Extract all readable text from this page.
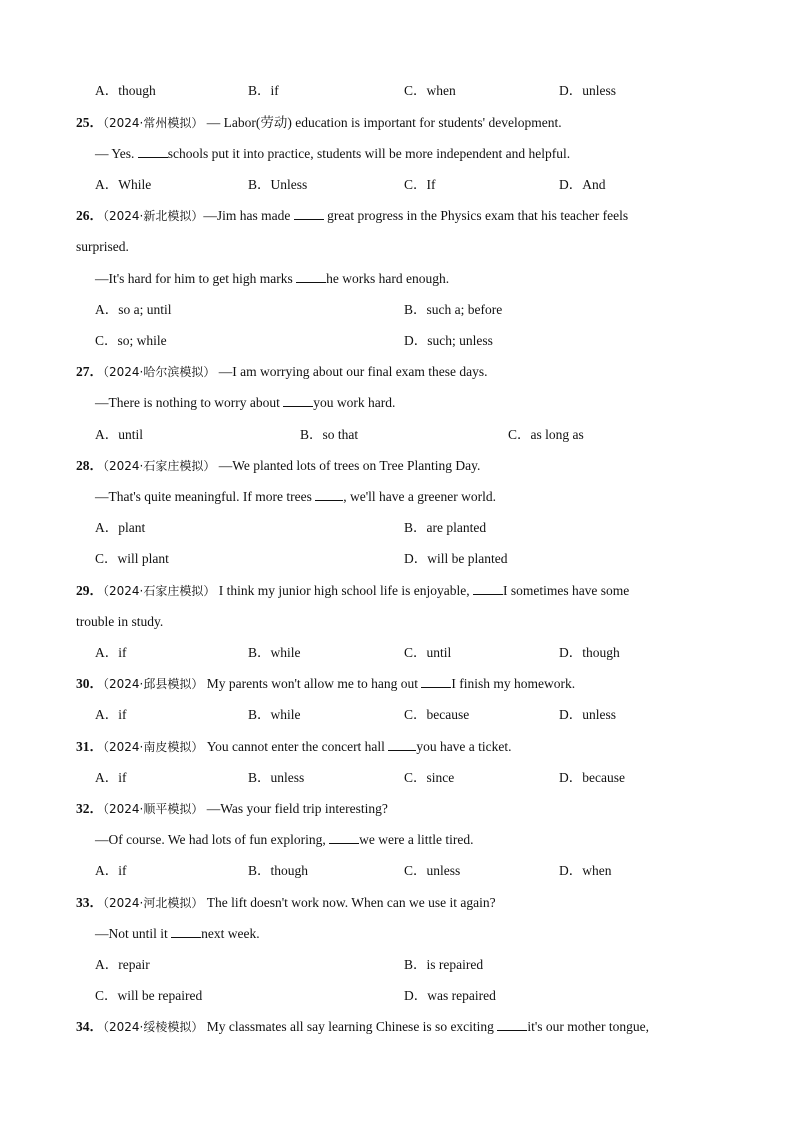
A．though	B．if	C．when	D．unless
25．（2024·常州模拟） — Labor(劳动) education is important for students' development.
— Yes. schools put it into practice, students will be more independent and helpful.
A．While	B．Unless	C．If	D．And
26．（2024·新北模拟）—Jim has made  great progress in the Physics exam that his teacher feels
surprised.
—It's hard for him to get high marks he works hard enough.
A．so a; until	B．such a; before
C．so; while	D．such; unless
27．（2024·哈尔滨模拟） —I am worrying about our final exam these days.
—There is nothing to worry about you work hard.
A．until	B．so that	C．as long as
28．（2024·石家庄模拟） —We planted lots of trees on Tree Planting Day.
—That's quite meaningful. If more trees , we'll have a greener world.
A．plant	B．are planted
C．will plant	D．will be planted
29．（2024·石家庄模拟） I think my junior high school life is enjoyable, I sometimes have some
trouble in study.
A．if	B．while	C．until	D．though
30．（2024·邱县模拟） My parents won't allow me to hang out I finish my homework.
A．if	B．while	C．because	D．unless
31．（2024·南皮模拟） You cannot enter the concert hall you have a ticket.
A．if	B．unless	C．since	D．because
32．（2024·顺平模拟） —Was your field trip interesting?
—Of course. We had lots of fun exploring, we were a little tired.
A．if	B．though	C．unless	D．when
33．（2024·河北模拟） The lift doesn't work now. When can we use it again?
—Not until it next week.
A．repair	B．is repaired
C．will be repaired	D．was repaired
34．（2024·绥棱模拟） My classmates all say learning Chinese is so exciting it's our mother tongue,
